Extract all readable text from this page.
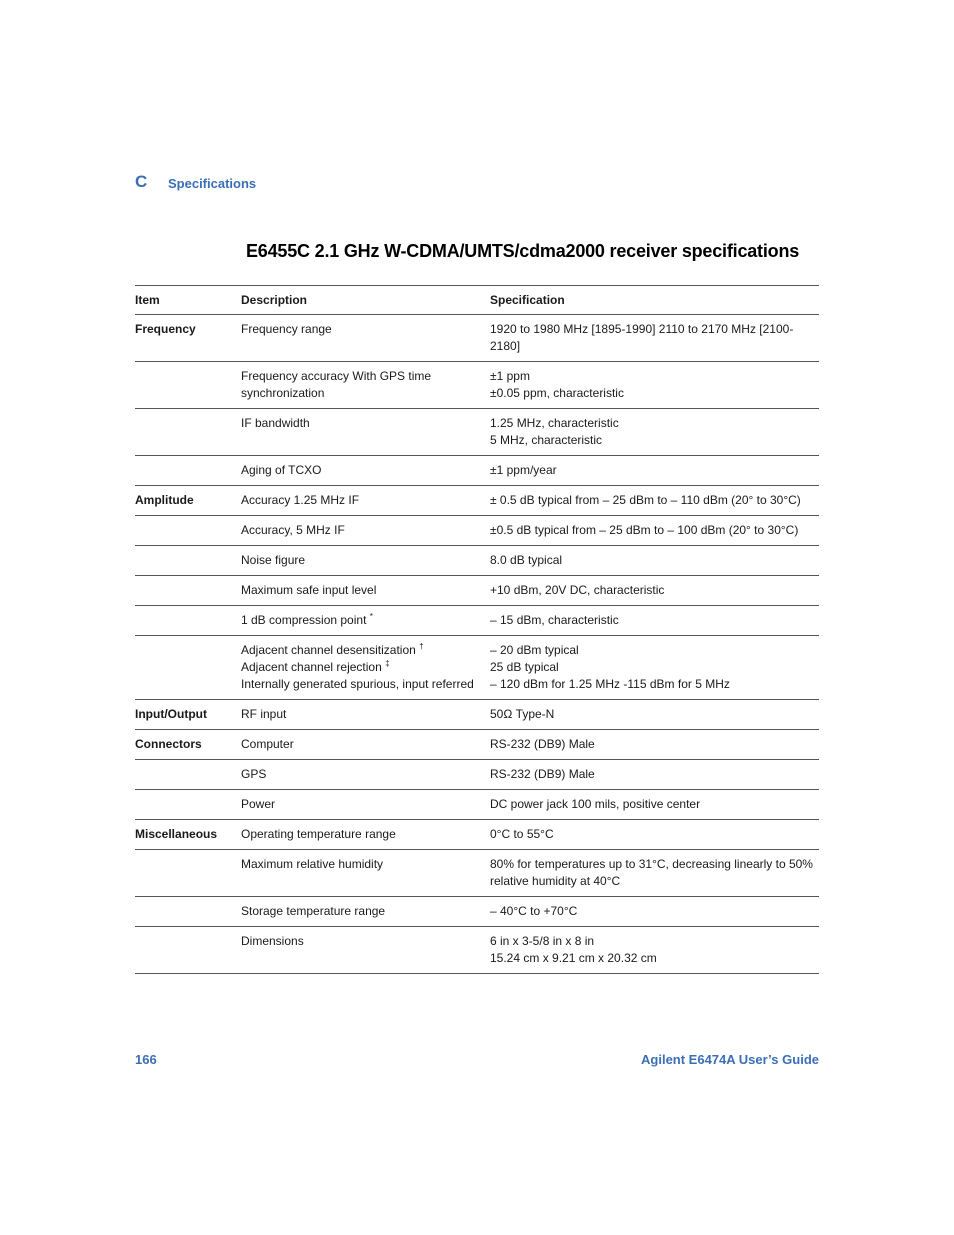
C Specifications
E6455C 2.1 GHz W-CDMA/UMTS/cdma2000 receiver specifications
Item	Description	Specification
Frequency	Frequency range	1920 to 1980 MHz [1895-1990] 2110 to 2170 MHz [2100-2180]

	Frequency accuracy With GPS time synchronization	±1 ppm
±0.05 ppm, characteristic

	IF bandwidth	1.25 MHz, characteristic
5 MHz, characteristic

	Aging of TCXO	±1 ppm/year

Amplitude	Accuracy 1.25 MHz IF	± 0.5 dB typical from – 25 dBm to – 110 dBm (20° to 30°C)

	Accuracy, 5 MHz IF	±0.5 dB typical from – 25 dBm to – 100 dBm (20° to 30°C)

	Noise figure	8.0 dB typical

	Maximum safe input level	+10 dBm, 20V DC, characteristic

	1 dB compression point *	– 15 dBm, characteristic

	Adjacent channel desensitization †
Adjacent channel rejection ‡
Internally generated spurious, input referred	– 20 dBm typical
25 dB typical
– 120 dBm for 1.25 MHz -115 dBm for 5 MHz

Input/Output	RF input	50Ω Type-N

Connectors	Computer	RS-232 (DB9) Male

	GPS	RS-232 (DB9) Male

	Power	DC power jack 100 mils, positive center

Miscellaneous	Operating temperature range	0°C to 55°C

	Maximum relative humidity	80% for temperatures up to 31°C, decreasing linearly to 50% relative humidity at 40°C

	Storage temperature range	– 40°C to +70°C

	Dimensions	6 in x 3-5/8 in x 8 in
15.24 cm x 9.21 cm x 20.32 cm
166	Agilent E6474A User’s Guide
